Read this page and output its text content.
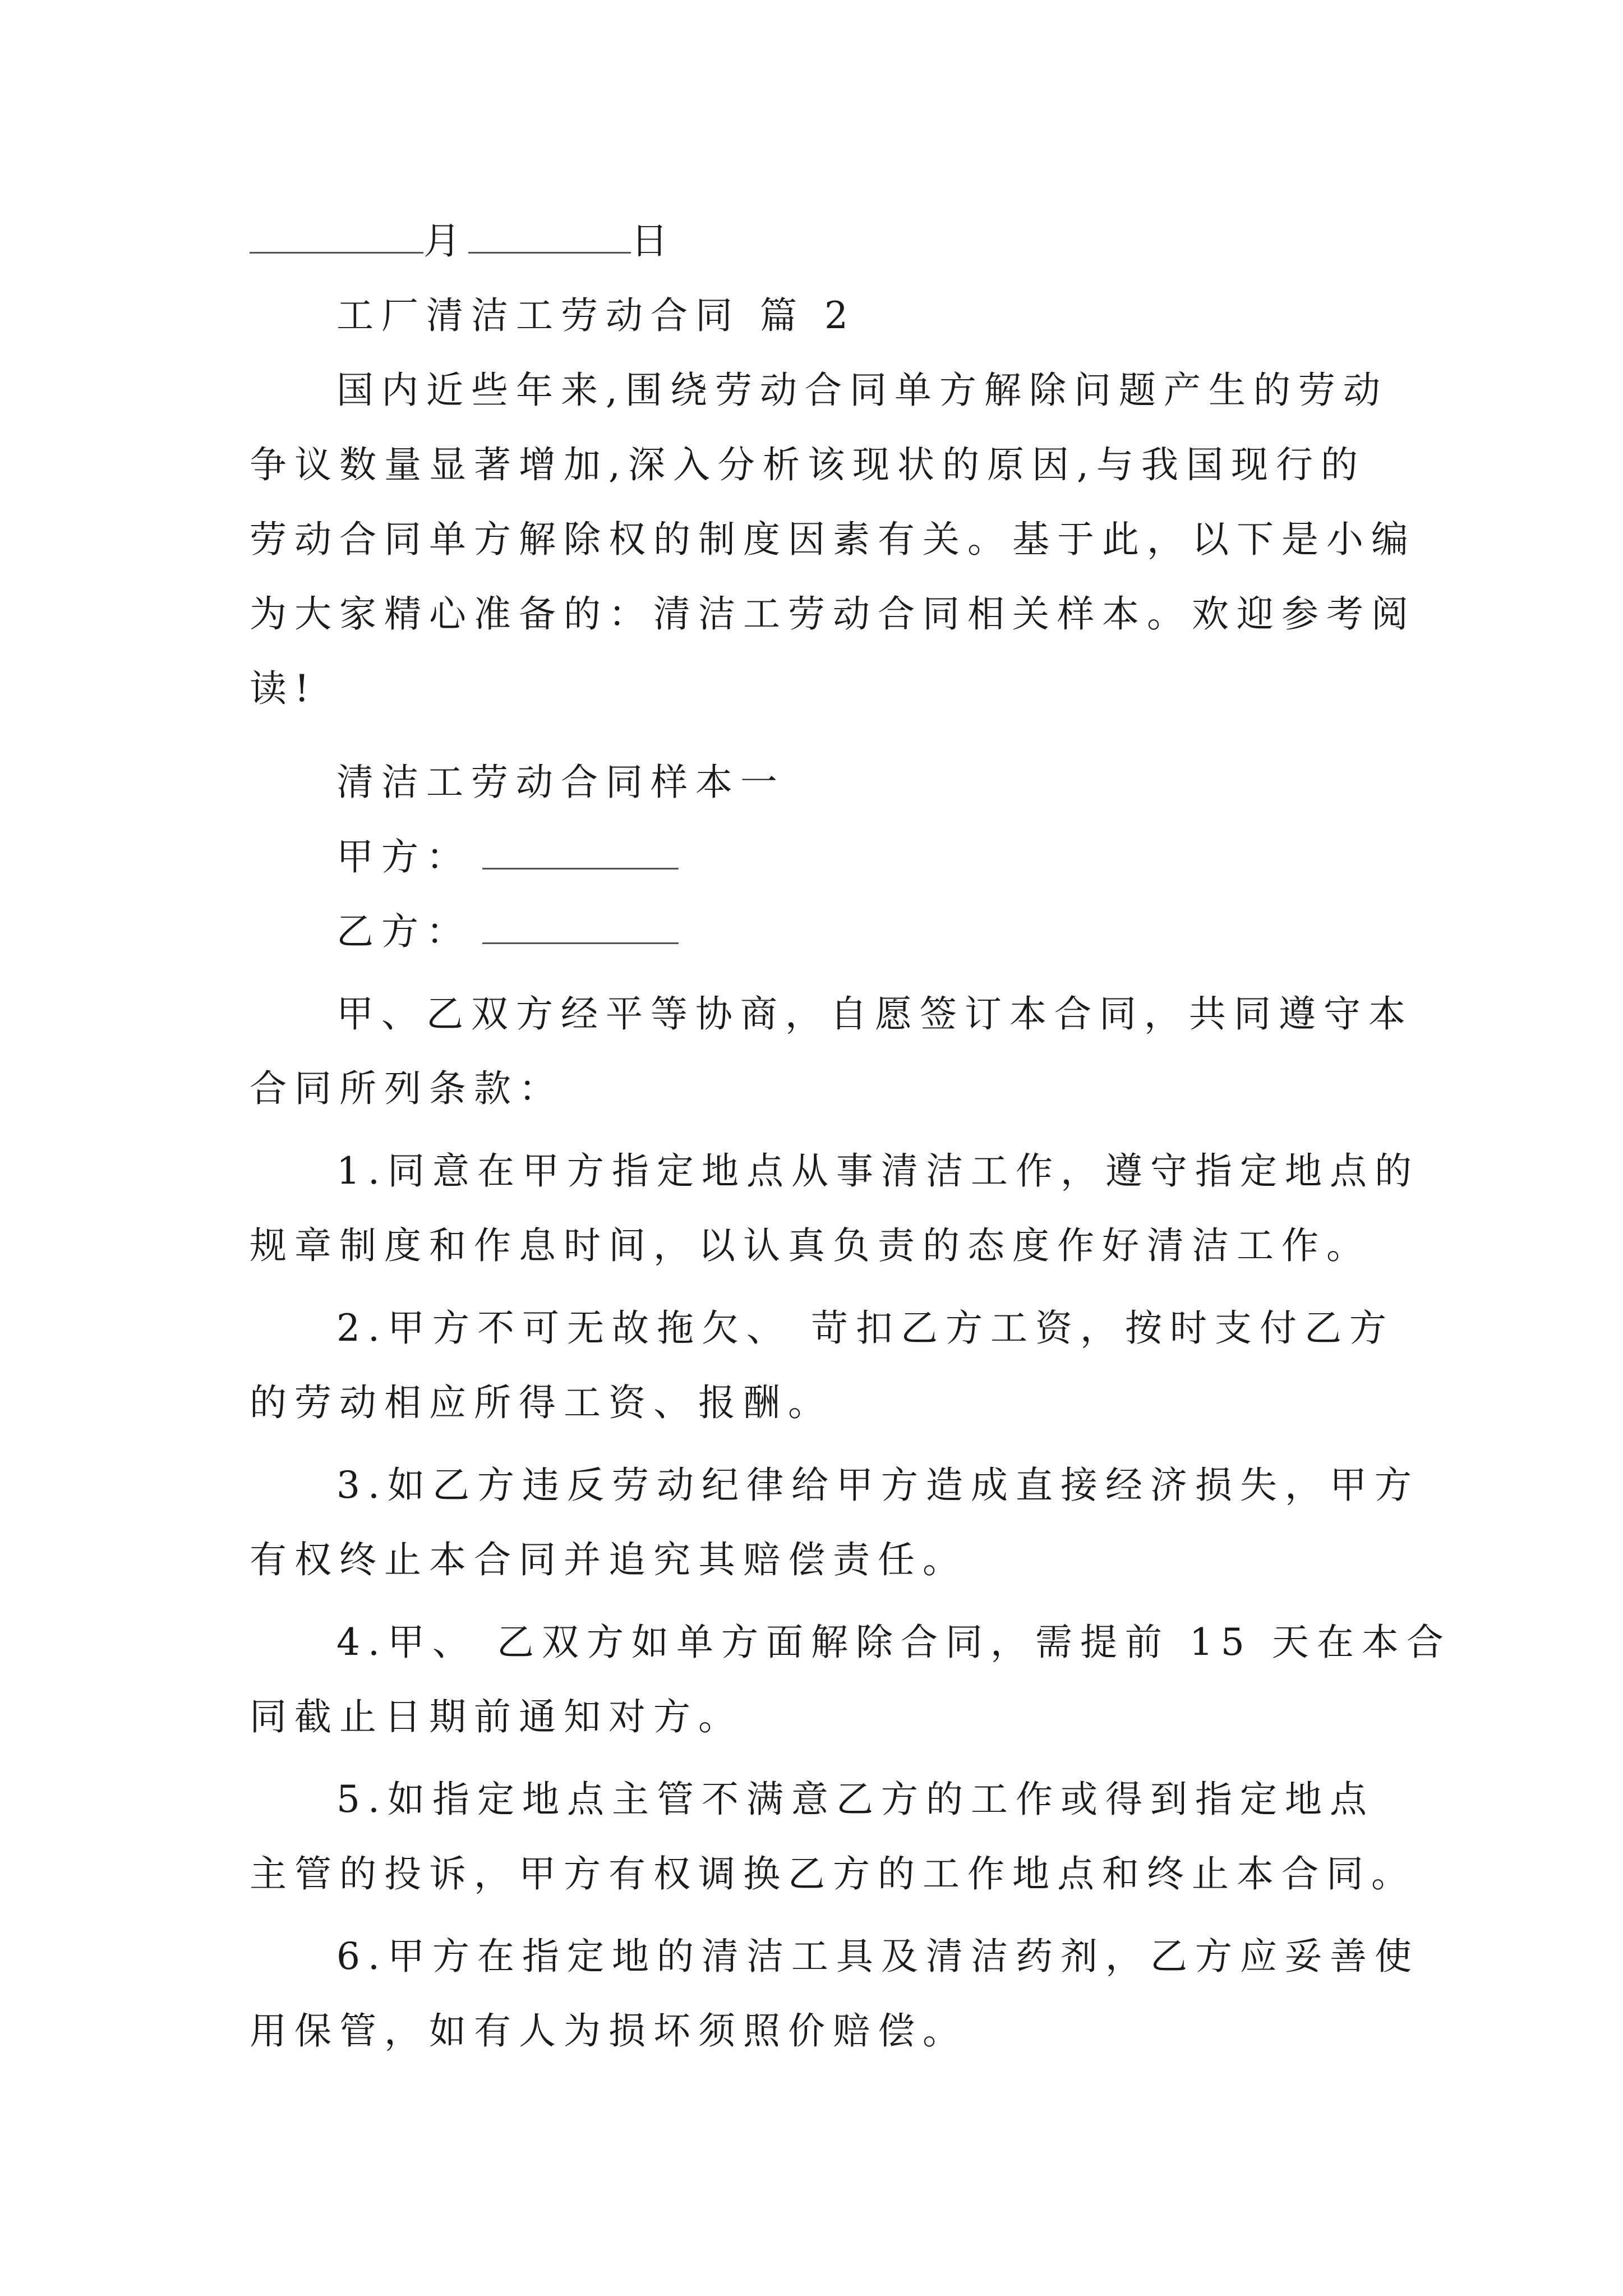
月	日
工厂清洁工劳动合同 篇 2
国内近些年来,围绕劳动合同单方解除问题产生的劳动
争议数量显著增加,深入分析该现状的原因,与我国现行的
劳动合同单方解除权的制度因素有关。基于此，以下是小编
为大家精心准备的：清洁工劳动合同相关样本。欢迎参考阅
读!
清洁工劳动合同样本一
甲方：
乙方：
甲、乙双方经平等协商，自愿签订本合同，共同遵守本
合同所列条款：
1.同意在甲方指定地点从事清洁工作，遵守指定地点的
规章制度和作息时间，以认真负责的态度作好清洁工作。
2.甲方不可无故拖欠、 苛扣乙方工资，按时支付乙方
的劳动相应所得工资、报酬。
3.如乙方违反劳动纪律给甲方造成直接经济损失，甲方
有权终止本合同并追究其赔偿责任。
4.甲、 乙双方如单方面解除合同，需提前 15 天在本合
同截止日期前通知对方。
5.如指定地点主管不满意乙方的工作或得到指定地点
主管的投诉，甲方有权调换乙方的工作地点和终止本合同。
6.甲方在指定地的清洁工具及清洁药剂，乙方应妥善使
用保管，如有人为损坏须照价赔偿。
